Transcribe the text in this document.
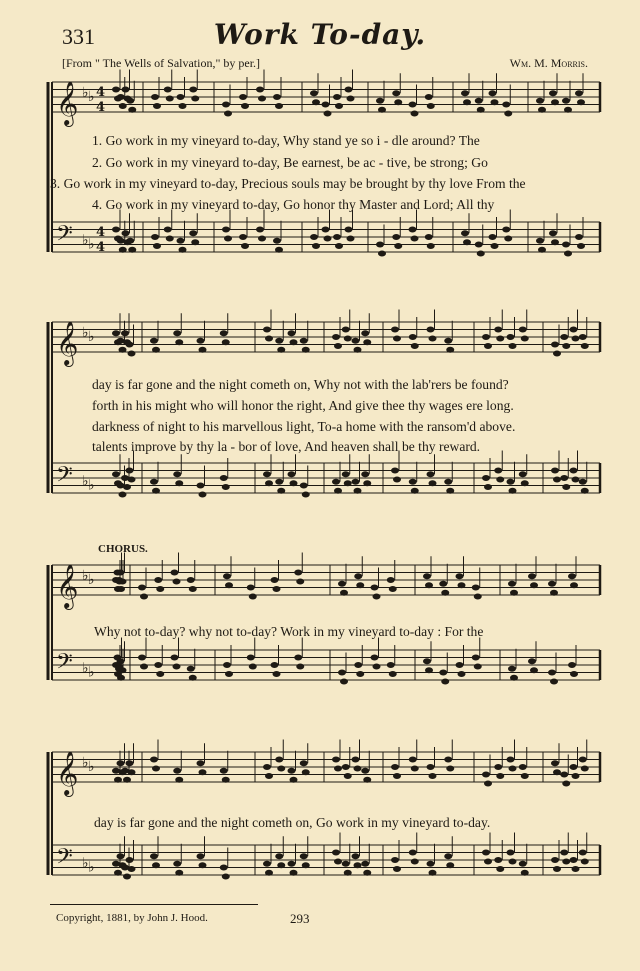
331	Work To-day.
[From " The Wells of Salvation," by per.]	Wm. M. Morris.
𝄞 ♭ ♭ 4
4
𝄢 ♭ ♭
4
4
𝄞 ♭ ♭
𝄢 ♭ ♭
𝄞 ♭ ♭
𝄢 ♭ ♭
𝄞 ♭ ♭
𝄢 ♭ ♭
1. Go work in my vineyard to-day, Why stand ye so i - dle around? The
2. Go work in my vineyard to-day, Be earnest, be ac - tive, be strong; Go
3. Go work in my vineyard to-day, Precious souls may be brought by thy love From the
4. Go work in my vineyard to-day, Go honor thy Master and Lord; All thy
day is far gone and the night cometh on, Why not with the lab'rers be found?
forth in his might who will honor the right, And give thee thy wages ere long.
darkness of night to his marvellous light, To-a home with the ransom'd above.
talents improve by thy la - bor of love, And heaven shall be thy reward.
CHORUS.
Why not to-day? why not to-day? Work in my vineyard to-day : For the
day is far gone and the night cometh on, Go work in my vineyard to-day.
Copyright, 1881, by John J. Hood.	293
